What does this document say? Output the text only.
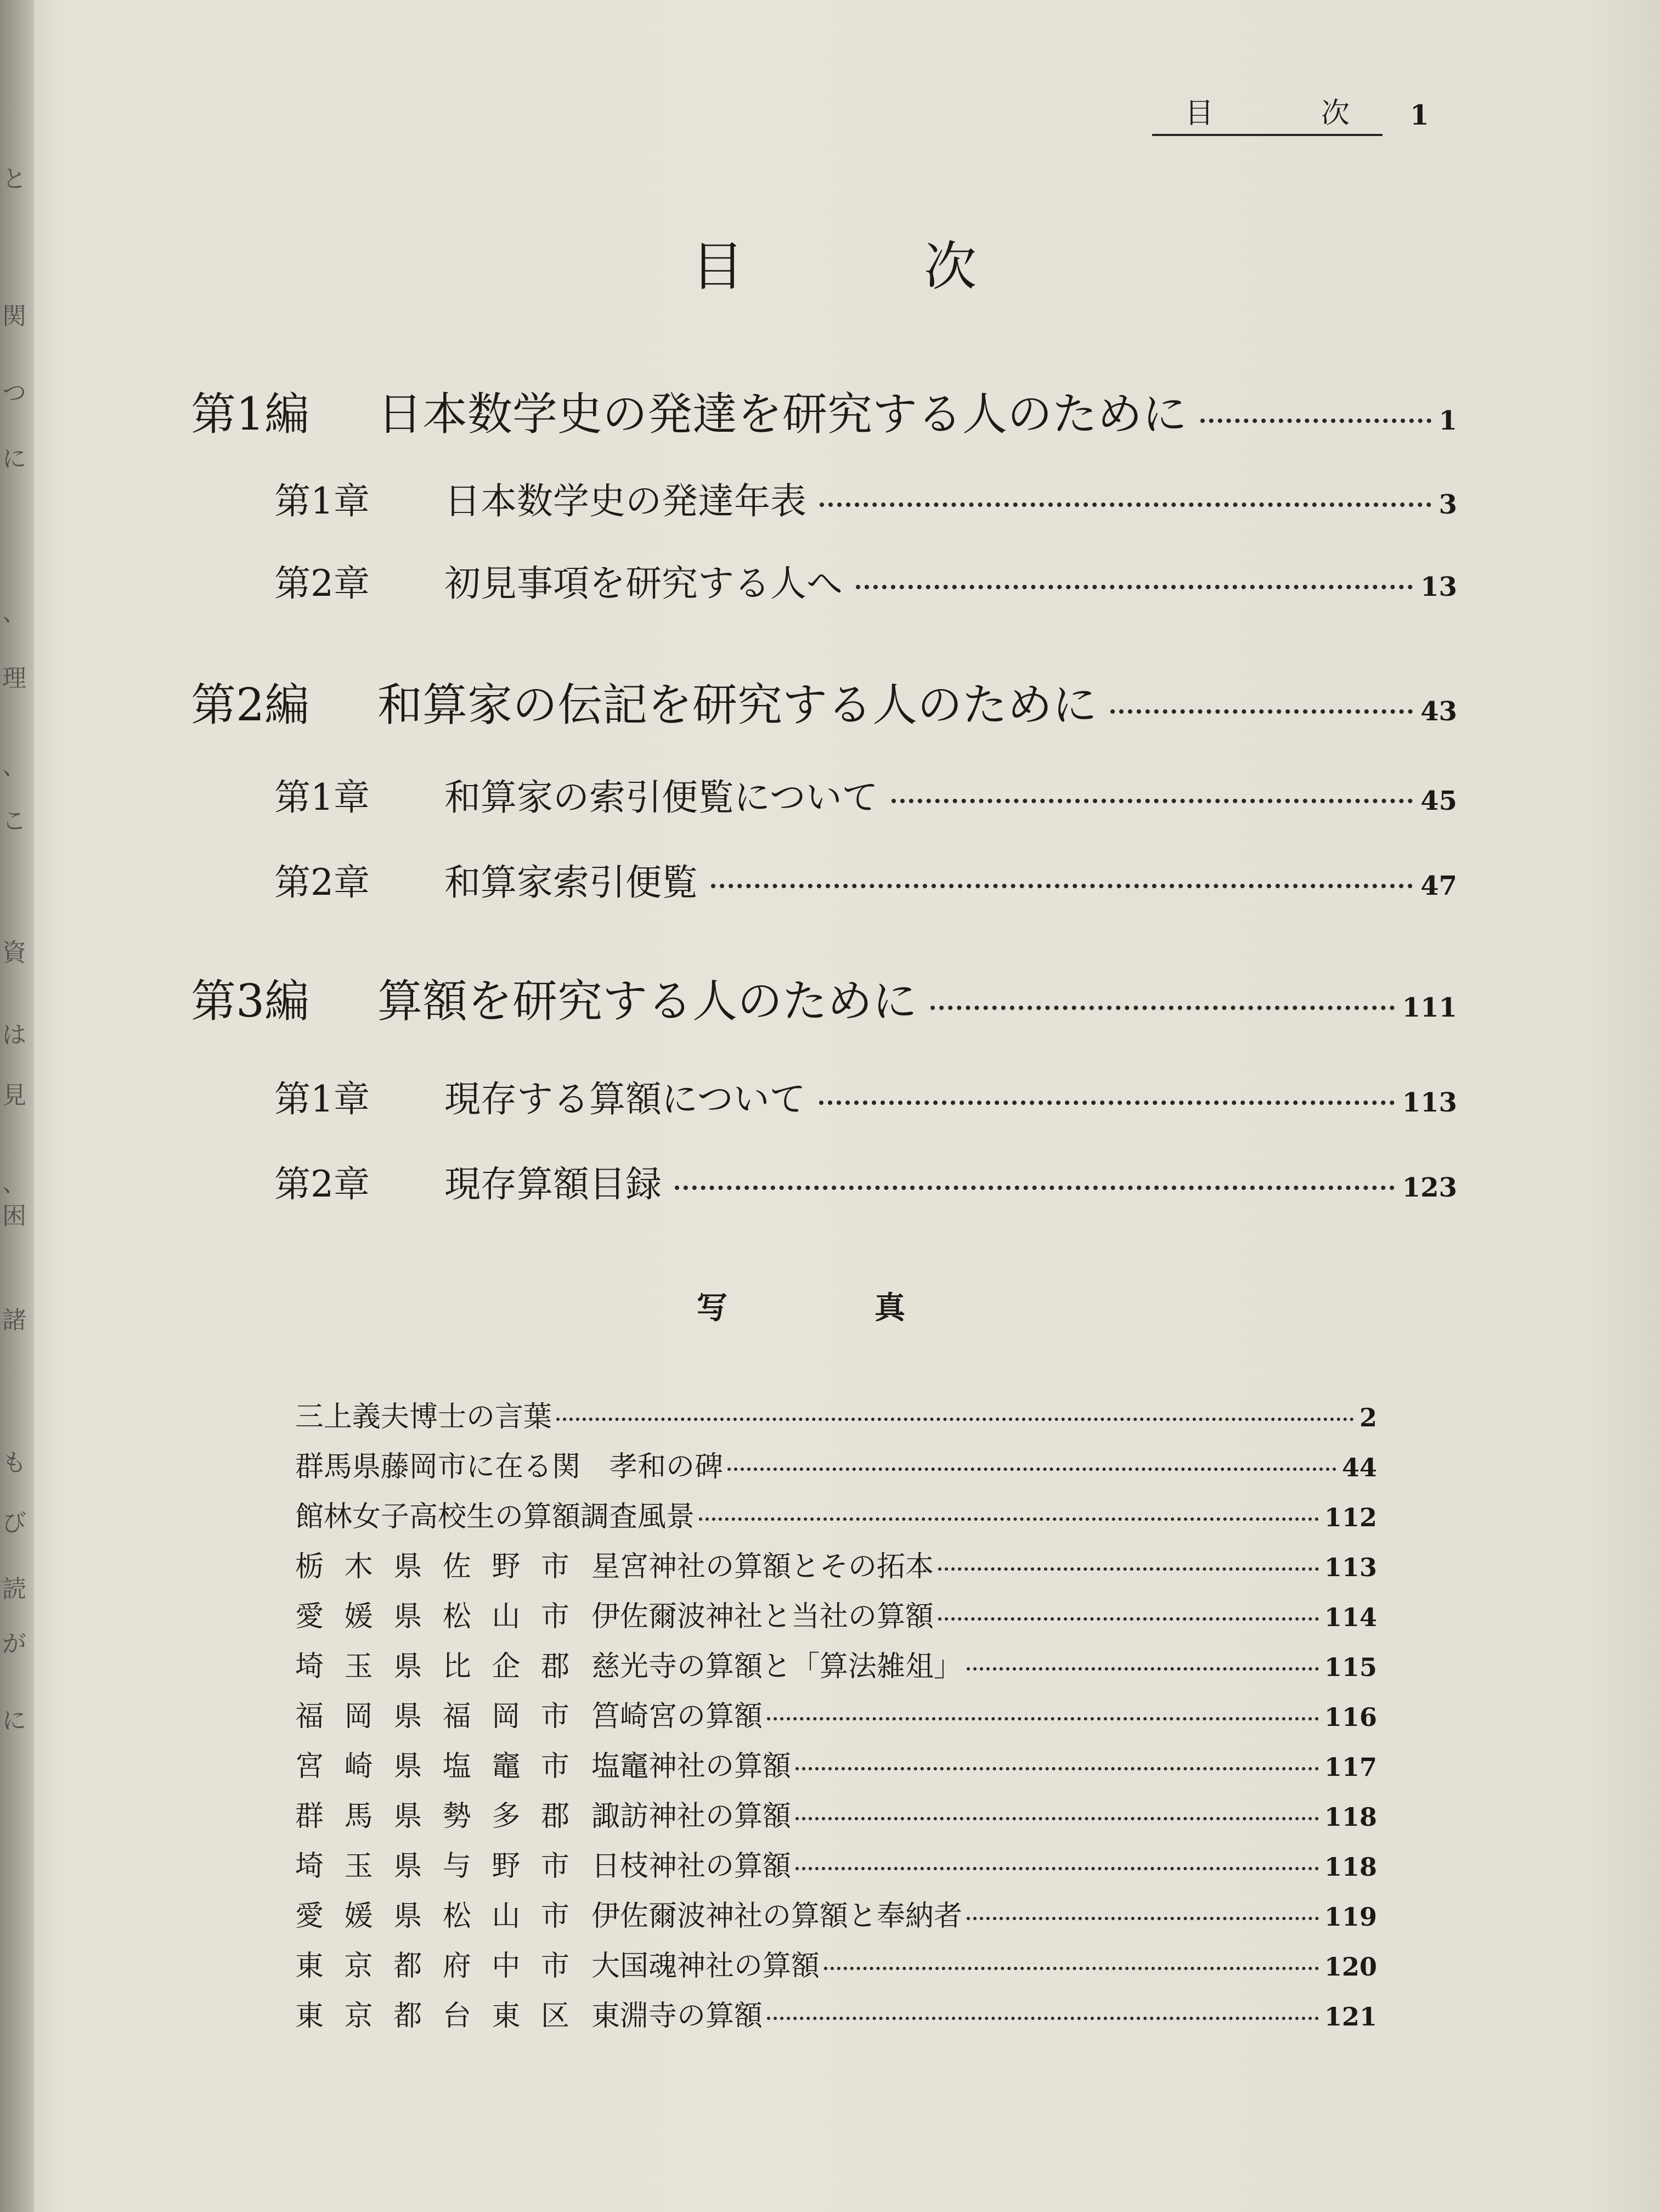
と
関
つ
に
、
理
、
こ
資
は
見
、
困
諸
も
び
読
が
に
目	次 1
目	次
第1編	日本数学史の発達を研究する人のために	1
第1章	日本数学史の発達年表	3
第2章	初見事項を研究する人へ	13
第2編	和算家の伝記を研究する人のために	43
第1章	和算家の索引便覧について	45
第2章	和算家索引便覧	47
第3編	算額を研究する人のために	111
第1章	現存する算額について	113
第2章	現存算額目録	123
写	真
三上義夫博士の言葉	2
群馬県藤岡市に在る関　孝和の碑	44
館林女子高校生の算額調査風景	112
栃 木 県 佐 野 市 星宮神社の算額とその拓本	113
愛 媛 県 松 山 市 伊佐爾波神社と当社の算額	114
埼 玉 県 比 企 郡 慈光寺の算額と「算法雑俎」	115
福 岡 県 福 岡 市 筥崎宮の算額	116
宮 崎 県 塩 竈 市 塩竈神社の算額	117
群 馬 県 勢 多 郡 諏訪神社の算額	118
埼 玉 県 与 野 市 日枝神社の算額	118
愛 媛 県 松 山 市 伊佐爾波神社の算額と奉納者	119
東 京 都 府 中 市 大国魂神社の算額	120
東 京 都 台 東 区 東淵寺の算額	121
